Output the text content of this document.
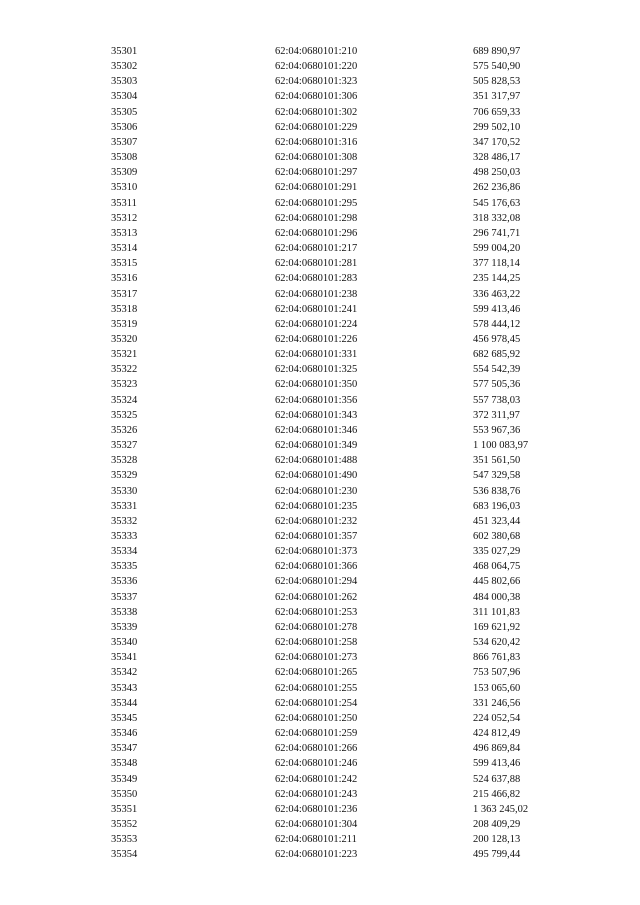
35301	62:04:0680101:210	689 890,97
35302	62:04:0680101:220	575 540,90
35303	62:04:0680101:323	505 828,53
35304	62:04:0680101:306	351 317,97
35305	62:04:0680101:302	706 659,33
35306	62:04:0680101:229	299 502,10
35307	62:04:0680101:316	347 170,52
35308	62:04:0680101:308	328 486,17
35309	62:04:0680101:297	498 250,03
35310	62:04:0680101:291	262 236,86
35311	62:04:0680101:295	545 176,63
35312	62:04:0680101:298	318 332,08
35313	62:04:0680101:296	296 741,71
35314	62:04:0680101:217	599 004,20
35315	62:04:0680101:281	377 118,14
35316	62:04:0680101:283	235 144,25
35317	62:04:0680101:238	336 463,22
35318	62:04:0680101:241	599 413,46
35319	62:04:0680101:224	578 444,12
35320	62:04:0680101:226	456 978,45
35321	62:04:0680101:331	682 685,92
35322	62:04:0680101:325	554 542,39
35323	62:04:0680101:350	577 505,36
35324	62:04:0680101:356	557 738,03
35325	62:04:0680101:343	372 311,97
35326	62:04:0680101:346	553 967,36
35327	62:04:0680101:349	1 100 083,97
35328	62:04:0680101:488	351 561,50
35329	62:04:0680101:490	547 329,58
35330	62:04:0680101:230	536 838,76
35331	62:04:0680101:235	683 196,03
35332	62:04:0680101:232	451 323,44
35333	62:04:0680101:357	602 380,68
35334	62:04:0680101:373	335 027,29
35335	62:04:0680101:366	468 064,75
35336	62:04:0680101:294	445 802,66
35337	62:04:0680101:262	484 000,38
35338	62:04:0680101:253	311 101,83
35339	62:04:0680101:278	169 621,92
35340	62:04:0680101:258	534 620,42
35341	62:04:0680101:273	866 761,83
35342	62:04:0680101:265	753 507,96
35343	62:04:0680101:255	153 065,60
35344	62:04:0680101:254	331 246,56
35345	62:04:0680101:250	224 052,54
35346	62:04:0680101:259	424 812,49
35347	62:04:0680101:266	496 869,84
35348	62:04:0680101:246	599 413,46
35349	62:04:0680101:242	524 637,88
35350	62:04:0680101:243	215 466,82
35351	62:04:0680101:236	1 363 245,02
35352	62:04:0680101:304	208 409,29
35353	62:04:0680101:211	200 128,13
35354	62:04:0680101:223	495 799,44
